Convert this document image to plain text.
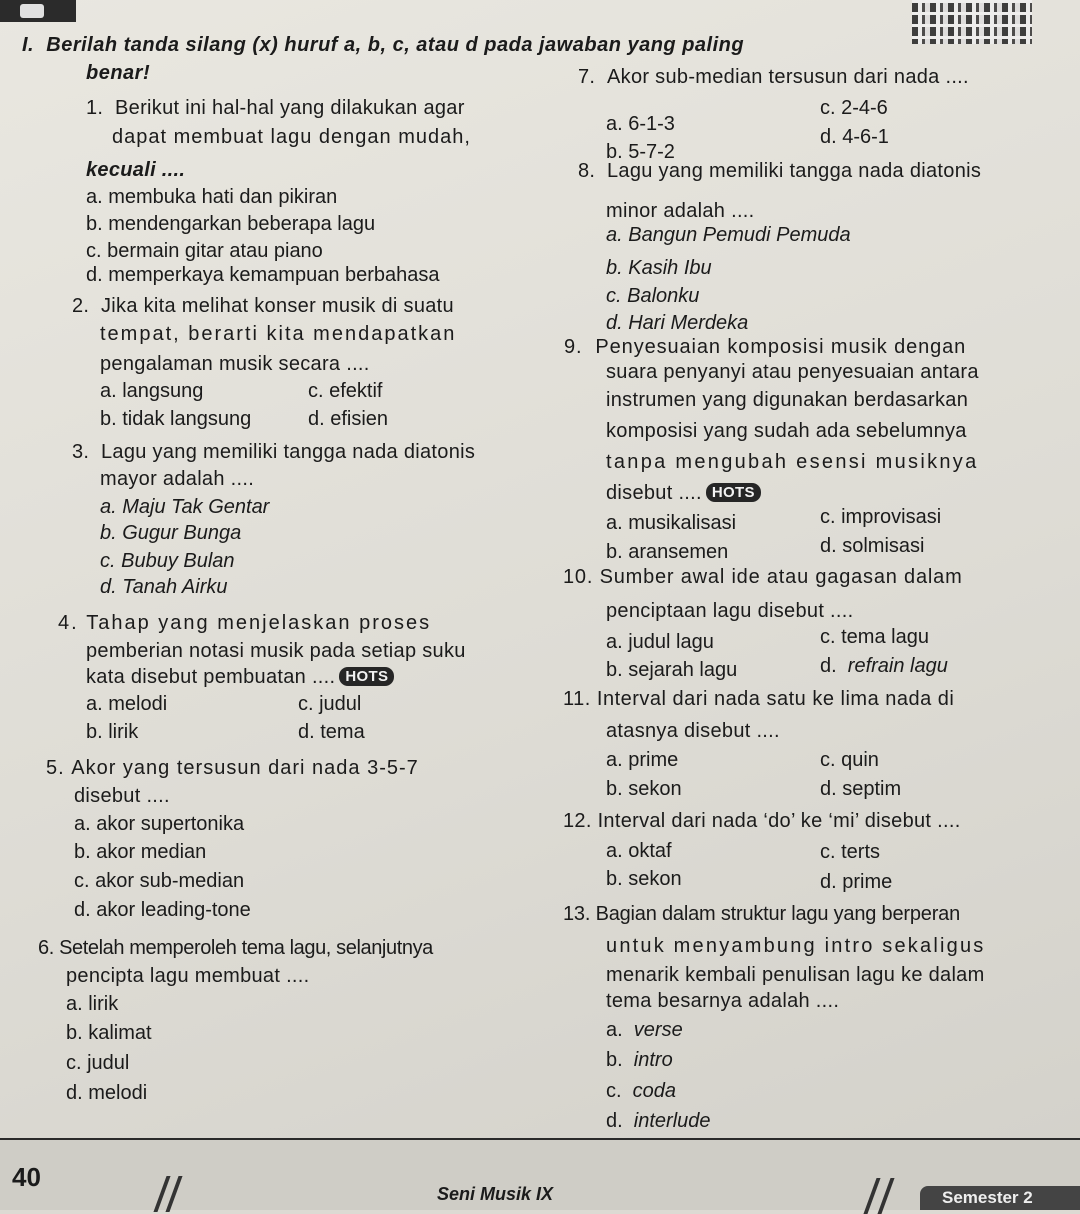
I. Berilah tanda silang (x) huruf a, b, c, atau d pada jawaban yang paling
benar!
1. Berikut ini hal-hal yang dilakukan agar
dapat membuat lagu dengan mudah,
kecuali ....
a. membuka hati dan pikiran
b. mendengarkan beberapa lagu
c. bermain gitar atau piano
d. memperkaya kemampuan berbahasa
2. Jika kita melihat konser musik di suatu
tempat, berarti kita mendapatkan
pengalaman musik secara ....
a. langsung	c. efektif
b. tidak langsung	d. efisien
3. Lagu yang memiliki tangga nada diatonis
mayor adalah ....
a. Maju Tak Gentar
b. Gugur Bunga
c. Bubuy Bulan
d. Tanah Airku
4. Tahap yang menjelaskan proses
pemberian notasi musik pada setiap suku
kata disebut pembuatan .... HOTS
a. melodi	c. judul
b. lirik	d. tema
5. Akor yang tersusun dari nada 3-5-7
disebut ....
a. akor supertonika
b. akor median
c. akor sub-median
d. akor leading-tone
6. Setelah memperoleh tema lagu, selanjutnya
pencipta lagu membuat ....
a. lirik
b. kalimat
c. judul
d. melodi
7. Akor sub-median tersusun dari nada ....
a. 6-1-3
c. 2-4-6
b. 5-7-2
d. 4-6-1
8. Lagu yang memiliki tangga nada diatonis
minor adalah ....
a. Bangun Pemudi Pemuda
b. Kasih Ibu
c. Balonku
d. Hari Merdeka
9. Penyesuaian komposisi musik dengan
suara penyanyi atau penyesuaian antara
instrumen yang digunakan berdasarkan
komposisi yang sudah ada sebelumnya
tanpa mengubah esensi musiknya
disebut .... HOTS
a. musikalisasi	c. improvisasi
b. aransemen	d. solmisasi
10. Sumber awal ide atau gagasan dalam
penciptaan lagu disebut ....
a. judul lagu	c. tema lagu
b. sejarah lagu	d.  refrain lagu
11. Interval dari nada satu ke lima nada di
atasnya disebut ....
a. prime	c. quin
b. sekon	d. septim
12. Interval dari nada ‘do’ ke ‘mi’ disebut ....
a. oktaf	c. terts
b. sekon	d. prime
13. Bagian dalam struktur lagu yang berperan
untuk menyambung intro sekaligus
menarik kembali penulisan lagu ke dalam
tema besarnya adalah ....
a.  verse
b.  intro
c.  coda
d.  interlude
40
Seni Musik IX	Semester 2
